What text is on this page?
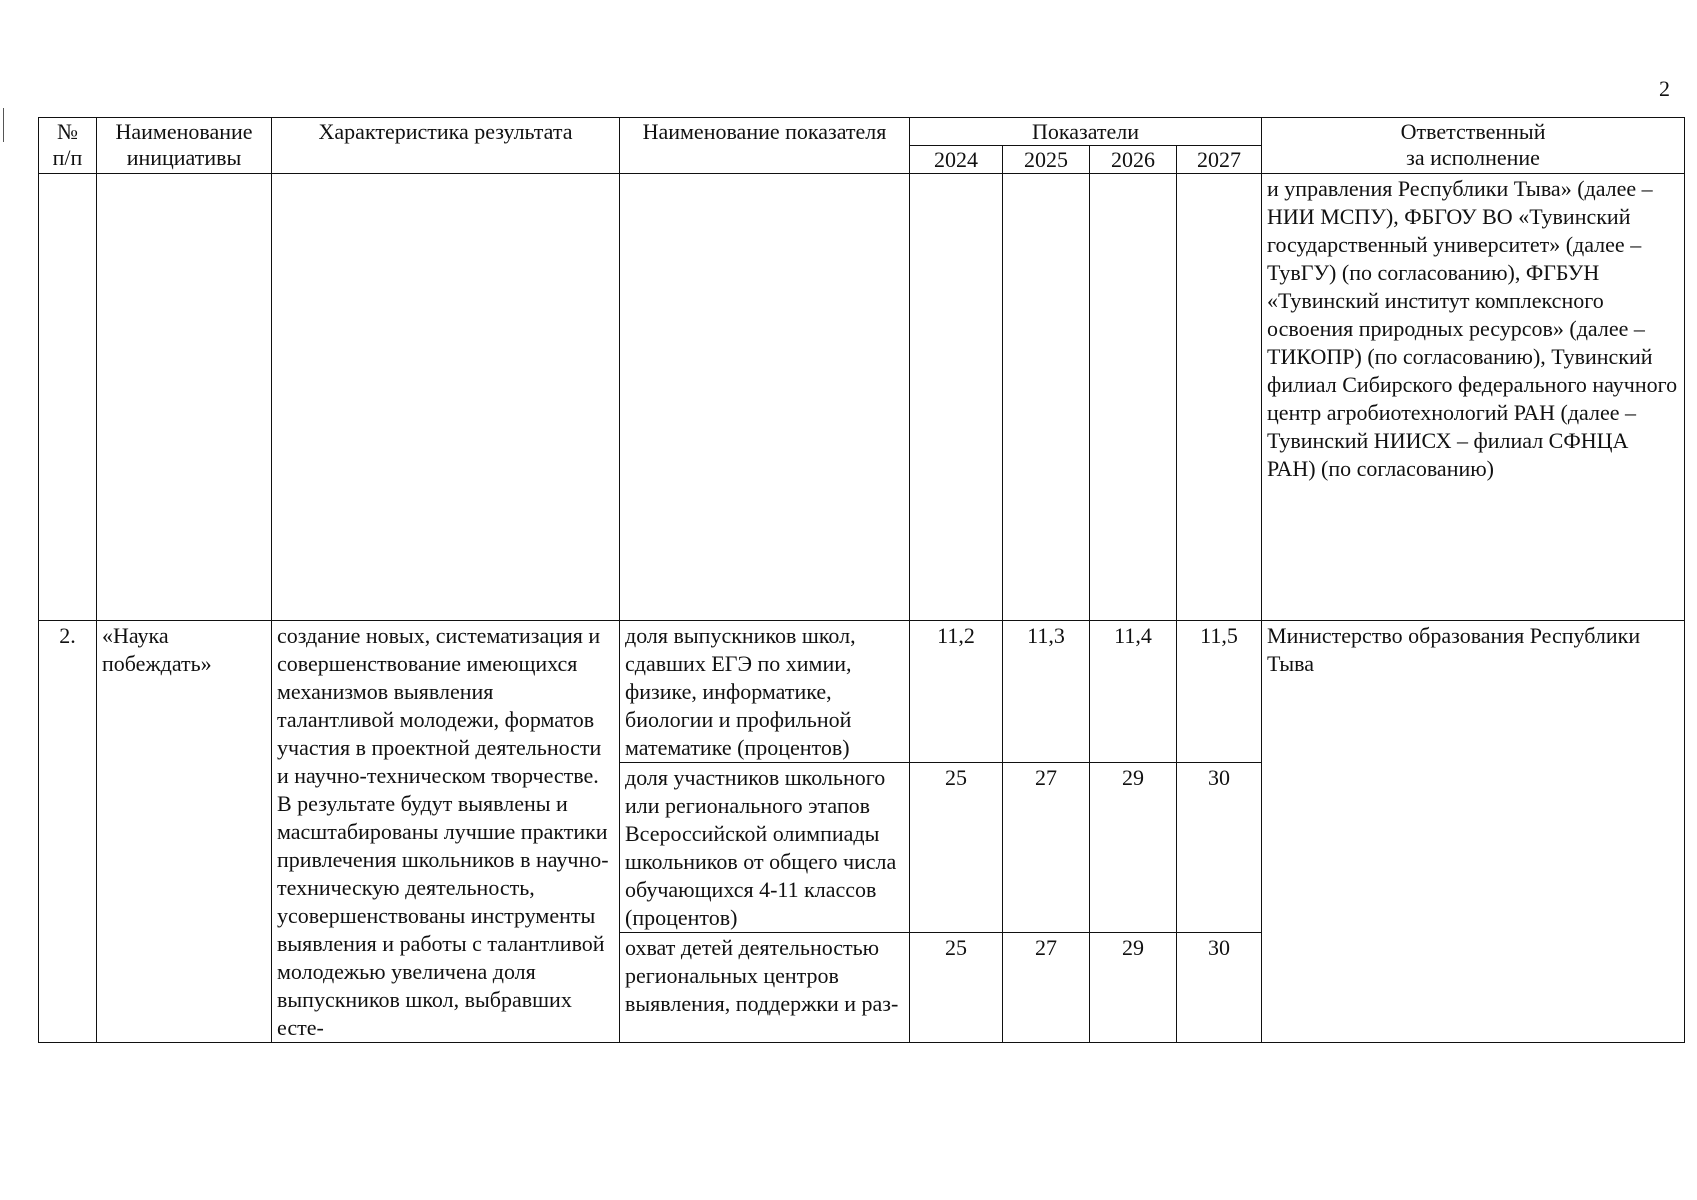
2
№
п/п	Наименование
инициативы	Характеристика результата	Наименование показателя	Показатели				Ответственный
за исполнение
				2024	2025	2026	2027	
								и управления Республики Тыва» (далее – НИИ МСПУ), ФБГОУ ВО «Тувинский государственный университет» (далее – ТувГУ) (по согласованию), ФГБУН «Тувинский институт комплексного освоения природных ресурсов» (далее – ТИКОПР) (по согласованию), Тувинский филиал Сибирского федерального научного центр агробиотехнологий РАН (далее – Тувинский НИИСХ – филиал СФНЦА РАН) (по согласованию)
2.	«Наука побеждать»	создание новых, систематизация и совершенствование имеющихся механизмов выявления талантливой молодежи, форматов участия в проектной деятельности и научно-техническом творчестве. В результате будут выявлены и масштабированы лучшие практики привлечения школьников в научно-техническую деятельность, усовершенствованы инструменты выявления и работы с талантливой молодежью увеличена доля выпускников школ, выбравших есте-	доля выпускников школ, сдавших ЕГЭ по химии, физике, информатике, биологии и профильной математике (процентов)	11,2	11,3	11,4	11,5	Министерство образования Республики Тыва
			доля участников школьного или регионального этапов Всероссийской олимпиады школьников от общего числа обучающихся 4-11 классов (процентов)	25	27	29	30	
			охват детей деятельностью региональных центров выявления, поддержки и раз-	25	27	29	30	
